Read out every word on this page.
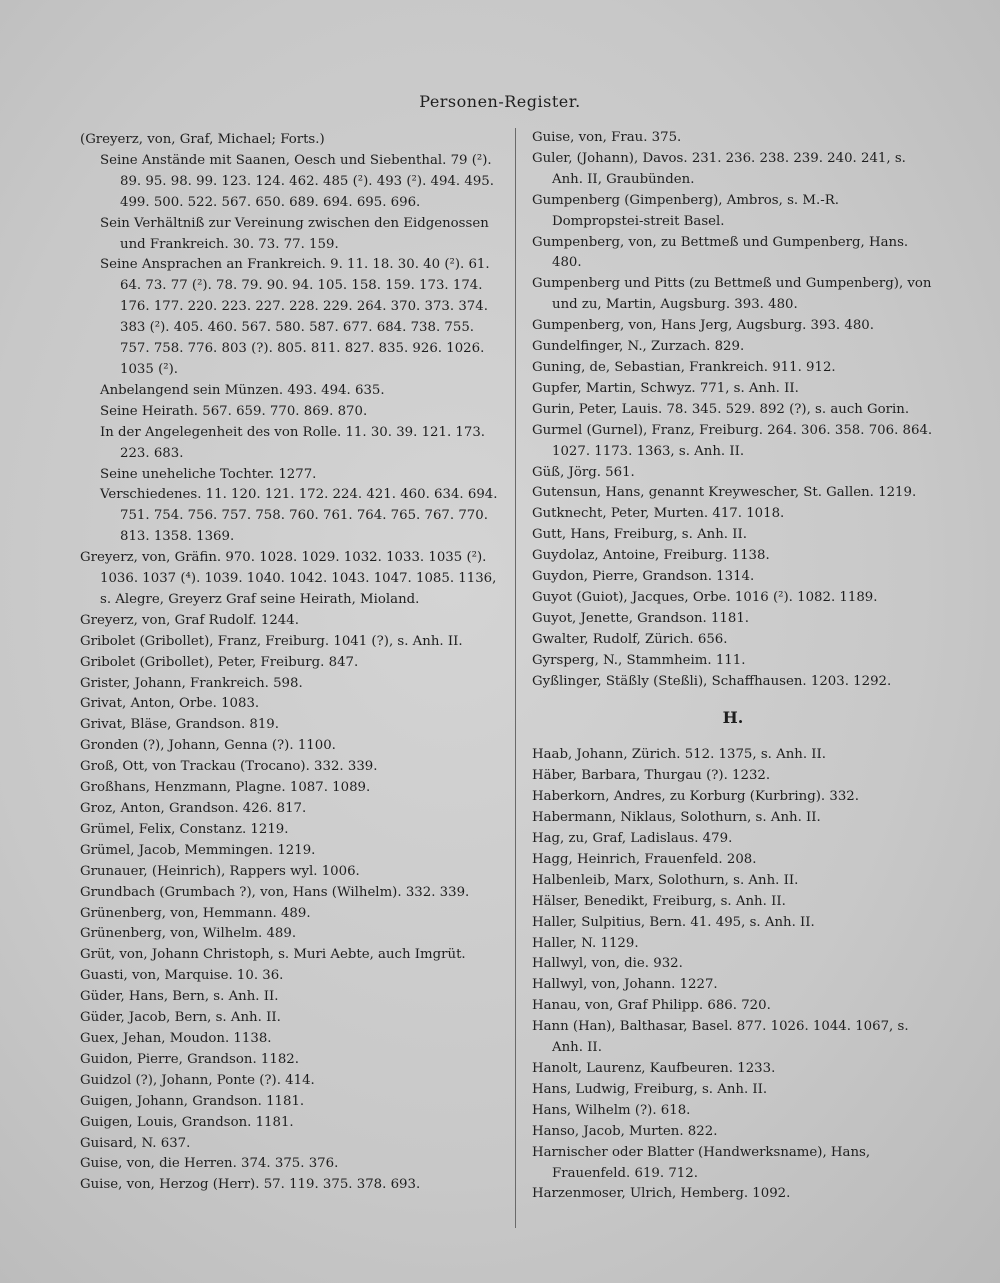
Personen-Register.
(Greyerz, von, Graf, Michael; Forts.)
Seine Anstände mit Saanen, Oesch und Siebenthal. 79 (²). 89. 95. 98. 99. 123. 124. 462. 485 (²). 493 (²). 494. 495. 499. 500. 522. 567. 650. 689. 694. 695. 696.
Sein Verhältniß zur Vereinung zwischen den Eidgenossen und Frankreich. 30. 73. 77. 159.
Seine Ansprachen an Frankreich. 9. 11. 18. 30. 40 (²). 61. 64. 73. 77 (²). 78. 79. 90. 94. 105. 158. 159. 173. 174. 176. 177. 220. 223. 227. 228. 229. 264. 370. 373. 374. 383 (²). 405. 460. 567. 580. 587. 677. 684. 738. 755. 757. 758. 776. 803 (?). 805. 811. 827. 835. 926. 1026. 1035 (²).
Anbelangend sein Münzen. 493. 494. 635.
Seine Heirath. 567. 659. 770. 869. 870.
In der Angelegenheit des von Rolle. 11. 30. 39. 121. 173. 223. 683.
Seine uneheliche Tochter. 1277.
Verschiedenes. 11. 120. 121. 172. 224. 421. 460. 634. 694. 751. 754. 756. 757. 758. 760. 761. 764. 765. 767. 770. 813. 1358. 1369.
Greyerz, von, Gräfin. 970. 1028. 1029. 1032. 1033. 1035 (²). 1036. 1037 (⁴). 1039. 1040. 1042. 1043. 1047. 1085. 1136, s. Alegre, Greyerz Graf seine Heirath, Mioland.
Greyerz, von, Graf Rudolf. 1244.
Gribolet (Gribollet), Franz, Freiburg. 1041 (?), s. Anh. II.
Gribolet (Gribollet), Peter, Freiburg. 847.
Grister, Johann, Frankreich. 598.
Grivat, Anton, Orbe. 1083.
Grivat, Bläse, Grandson. 819.
Gronden (?), Johann, Genna (?). 1100.
Groß, Ott, von Trackau (Trocano). 332. 339.
Großhans, Henzmann, Plagne. 1087. 1089.
Groz, Anton, Grandson. 426. 817.
Grümel, Felix, Constanz. 1219.
Grümel, Jacob, Memmingen. 1219.
Grunauer, (Heinrich), Rappers wyl. 1006.
Grundbach (Grumbach ?), von, Hans (Wilhelm). 332. 339.
Grünenberg, von, Hemmann. 489.
Grünenberg, von, Wilhelm. 489.
Grüt, von, Johann Christoph, s. Muri Aebte, auch Imgrüt.
Guasti, von, Marquise. 10. 36.
Güder, Hans, Bern, s. Anh. II.
Güder, Jacob, Bern, s. Anh. II.
Guex, Jehan, Moudon. 1138.
Guidon, Pierre, Grandson. 1182.
Guidzol (?), Johann, Ponte (?). 414.
Guigen, Johann, Grandson. 1181.
Guigen, Louis, Grandson. 1181.
Guisard, N. 637.
Guise, von, die Herren. 374. 375. 376.
Guise, von, Herzog (Herr). 57. 119. 375. 378. 693.
Guise, von, Frau. 375.
Guler, (Johann), Davos. 231. 236. 238. 239. 240. 241, s. Anh. II, Graubünden.
Gumpenberg (Gimpenberg), Ambros, s. M.-R. Dompropstei-streit Basel.
Gumpenberg, von, zu Bettmeß und Gumpenberg, Hans. 480.
Gumpenberg und Pitts (zu Bettmeß und Gumpenberg), von und zu, Martin, Augsburg. 393. 480.
Gumpenberg, von, Hans Jerg, Augsburg. 393. 480.
Gundelfinger, N., Zurzach. 829.
Guning, de, Sebastian, Frankreich. 911. 912.
Gupfer, Martin, Schwyz. 771, s. Anh. II.
Gurin, Peter, Lauis. 78. 345. 529. 892 (?), s. auch Gorin.
Gurmel (Gurnel), Franz, Freiburg. 264. 306. 358. 706. 864. 1027. 1173. 1363, s. Anh. II.
Güß, Jörg. 561.
Gutensun, Hans, genannt Kreywescher, St. Gallen. 1219.
Gutknecht, Peter, Murten. 417. 1018.
Gutt, Hans, Freiburg, s. Anh. II.
Guydolaz, Antoine, Freiburg. 1138.
Guydon, Pierre, Grandson. 1314.
Guyot (Guiot), Jacques, Orbe. 1016 (²). 1082. 1189.
Guyot, Jenette, Grandson. 1181.
Gwalter, Rudolf, Zürich. 656.
Gyrsperg, N., Stammheim. 111.
Gyßlinger, Stäßly (Steßli), Schaffhausen. 1203. 1292.
H.
Haab, Johann, Zürich. 512. 1375, s. Anh. II.
Häber, Barbara, Thurgau (?). 1232.
Haberkorn, Andres, zu Korburg (Kurbring). 332.
Habermann, Niklaus, Solothurn, s. Anh. II.
Hag, zu, Graf, Ladislaus. 479.
Hagg, Heinrich, Frauenfeld. 208.
Halbenleib, Marx, Solothurn, s. Anh. II.
Hälser, Benedikt, Freiburg, s. Anh. II.
Haller, Sulpitius, Bern. 41. 495, s. Anh. II.
Haller, N. 1129.
Hallwyl, von, die. 932.
Hallwyl, von, Johann. 1227.
Hanau, von, Graf Philipp. 686. 720.
Hann (Han), Balthasar, Basel. 877. 1026. 1044. 1067, s. Anh. II.
Hanolt, Laurenz, Kaufbeuren. 1233.
Hans, Ludwig, Freiburg, s. Anh. II.
Hans, Wilhelm (?). 618.
Hanso, Jacob, Murten. 822.
Harnischer oder Blatter (Handwerksname), Hans, Frauenfeld. 619. 712.
Harzenmoser, Ulrich, Hemberg. 1092.
